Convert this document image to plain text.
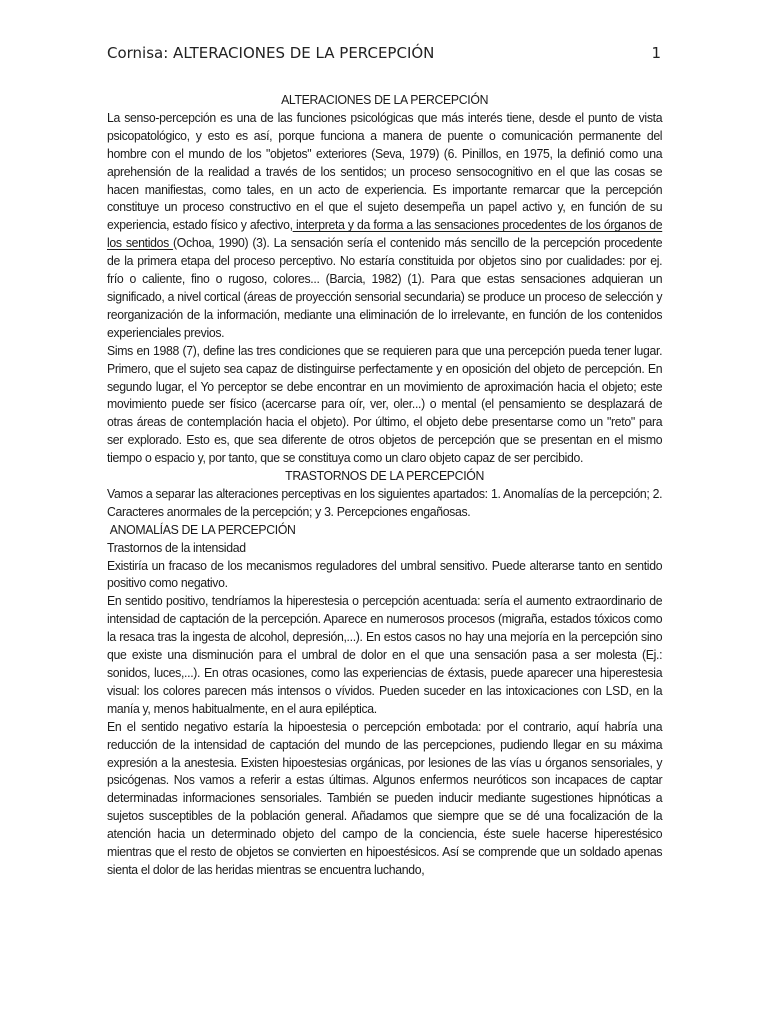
Cornisa: ALTERACIONES DE LA PERCEPCIÓN	1

ALTERACIONES DE LA PERCEPCIÓN

La senso-percepción es una de las funciones psicológicas que más interés tiene, desde el punto de vista psicopatológico, y esto es así, porque funciona a manera de puente o comunicación permanente del hombre con el mundo de los "objetos" exteriores (Seva, 1979) (6. Pinillos, en 1975, la definió como una aprehensión de la realidad a través de los sentidos; un proceso sensocognitivo en el que las cosas se hacen manifiestas, como tales, en un acto de experiencia. Es importante remarcar que la percepción constituye un proceso constructivo en el que el sujeto desempeña un papel activo y, en función de su experiencia, estado físico y afectivo, interpreta y da forma a las sensaciones procedentes de los órganos de los sentidos (Ochoa, 1990) (3). La sensación sería el contenido más sencillo de la percepción procedente de la primera etapa del proceso perceptivo. No estaría constituida por objetos sino por cualidades: por ej. frío o caliente, fino o rugoso, colores... (Barcia, 1982) (1). Para que estas sensaciones adquieran un significado, a nivel cortical (áreas de proyección sensorial secundaria) se produce un proceso de selección y reorganización de la información, mediante una eliminación de lo irrelevante, en función de los contenidos experienciales previos.

Sims en 1988 (7), define las tres condiciones que se requieren para que una percepción pueda tener lugar. Primero, que el sujeto sea capaz de distinguirse perfectamente y en oposición del objeto de percepción. En segundo lugar, el Yo perceptor se debe encontrar en un movimiento de aproximación hacia el objeto; este movimiento puede ser físico (acercarse para oír, ver, oler...) o mental (el pensamiento se desplazará de otras áreas de contemplación hacia el objeto). Por último, el objeto debe presentarse como un "reto" para ser explorado. Esto es, que sea diferente de otros objetos de percepción que se presentan en el mismo tiempo o espacio y, por tanto, que se constituya como un claro objeto capaz de ser percibido.

TRASTORNOS DE LA PERCEPCIÓN

Vamos a separar las alteraciones perceptivas en los siguientes apartados: 1. Anomalías de la percepción; 2. Caracteres anormales de la percepción; y 3. Percepciones engañosas.

ANOMALÍAS DE LA PERCEPCIÓN

Trastornos de la intensidad

Existiría un fracaso de los mecanismos reguladores del umbral sensitivo. Puede alterarse tanto en sentido positivo como negativo.

En sentido positivo, tendríamos la hiperestesia o percepción acentuada: sería el aumento extraordinario de intensidad de captación de la percepción. Aparece en numerosos procesos (migraña, estados tóxicos como la resaca tras la ingesta de alcohol, depresión,...). En estos casos no hay una mejoría en la percepción sino que existe una disminución para el umbral de dolor en el que una sensación pasa a ser molesta (Ej.: sonidos, luces,...). En otras ocasiones, como las experiencias de éxtasis, puede aparecer una hiperestesia visual: los colores parecen más intensos o vívidos. Pueden suceder en las intoxicaciones con LSD, en la manía y, menos habitualmente, en el aura epiléptica.

En el sentido negativo estaría la hipoestesia o percepción embotada: por el contrario, aquí habría una reducción de la intensidad de captación del mundo de las percepciones, pudiendo llegar en su máxima expresión a la anestesia. Existen hipoestesias orgánicas, por lesiones de las vías u órganos sensoriales, y psicógenas. Nos vamos a referir a estas últimas. Algunos enfermos neuróticos son incapaces de captar determinadas informaciones sensoriales. También se pueden inducir mediante sugestiones hipnóticas a sujetos susceptibles de la población general. Añadamos que siempre que se dé una focalización de la atención hacia un determinado objeto del campo de la conciencia, éste suele hacerse hiperestésico mientras que el resto de objetos se convierten en hipoestésicos. Así se comprende que un soldado apenas sienta el dolor de las heridas mientras se encuentra luchando,
